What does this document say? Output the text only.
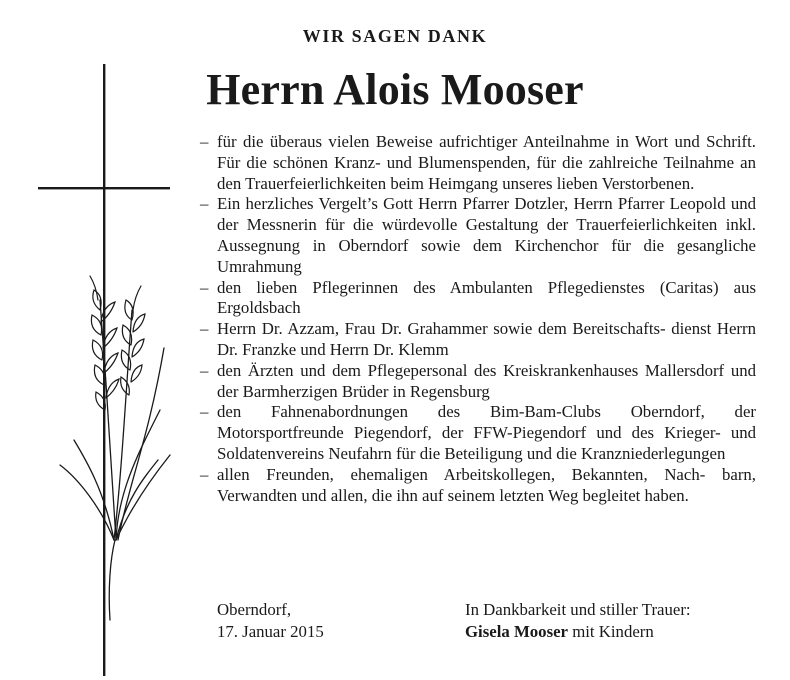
WIR SAGEN DANK
Herrn Alois Mooser
– für die überaus vielen Beweise aufrichtiger Anteilnahme in Wort und Schrift. Für die schönen Kranz- und Blumenspenden, für die zahlreiche Teilnahme an den Trauerfeierlichkeiten beim Heimgang unseres lieben Verstorbenen.
– Ein herzliches Vergelt’s Gott Herrn Pfarrer Dotzler, Herrn Pfarrer Leopold und der Messnerin für die würdevolle Gestaltung der Trauerfeierlichkeiten inkl. Aussegnung in Oberndorf sowie dem Kirchenchor für die gesangliche Umrahmung
– den lieben Pflegerinnen des Ambulanten Pflegedienstes (Caritas) aus Ergoldsbach
– Herrn Dr. Azzam, Frau Dr. Grahammer sowie dem Bereitschafts- dienst Herrn Dr. Franzke und Herrn Dr. Klemm
– den Ärzten und dem Pflegepersonal des Kreiskrankenhauses Mallersdorf und der Barmherzigen Brüder in Regensburg
– den Fahnenabordnungen des Bim-Bam-Clubs Oberndorf, der Motorsportfreunde Piegendorf, der FFW-Piegendorf und des Krieger- und Soldatenvereins Neufahrn für die Beteiligung und die Kranzniederlegungen
– allen Freunden, ehemaligen Arbeitskollegen, Bekannten, Nach- barn, Verwandten und allen, die ihn auf seinem letzten Weg begleitet haben.
Oberndorf,
17. Januar 2015
In Dankbarkeit und stiller Trauer:
Gisela Mooser mit Kindern
